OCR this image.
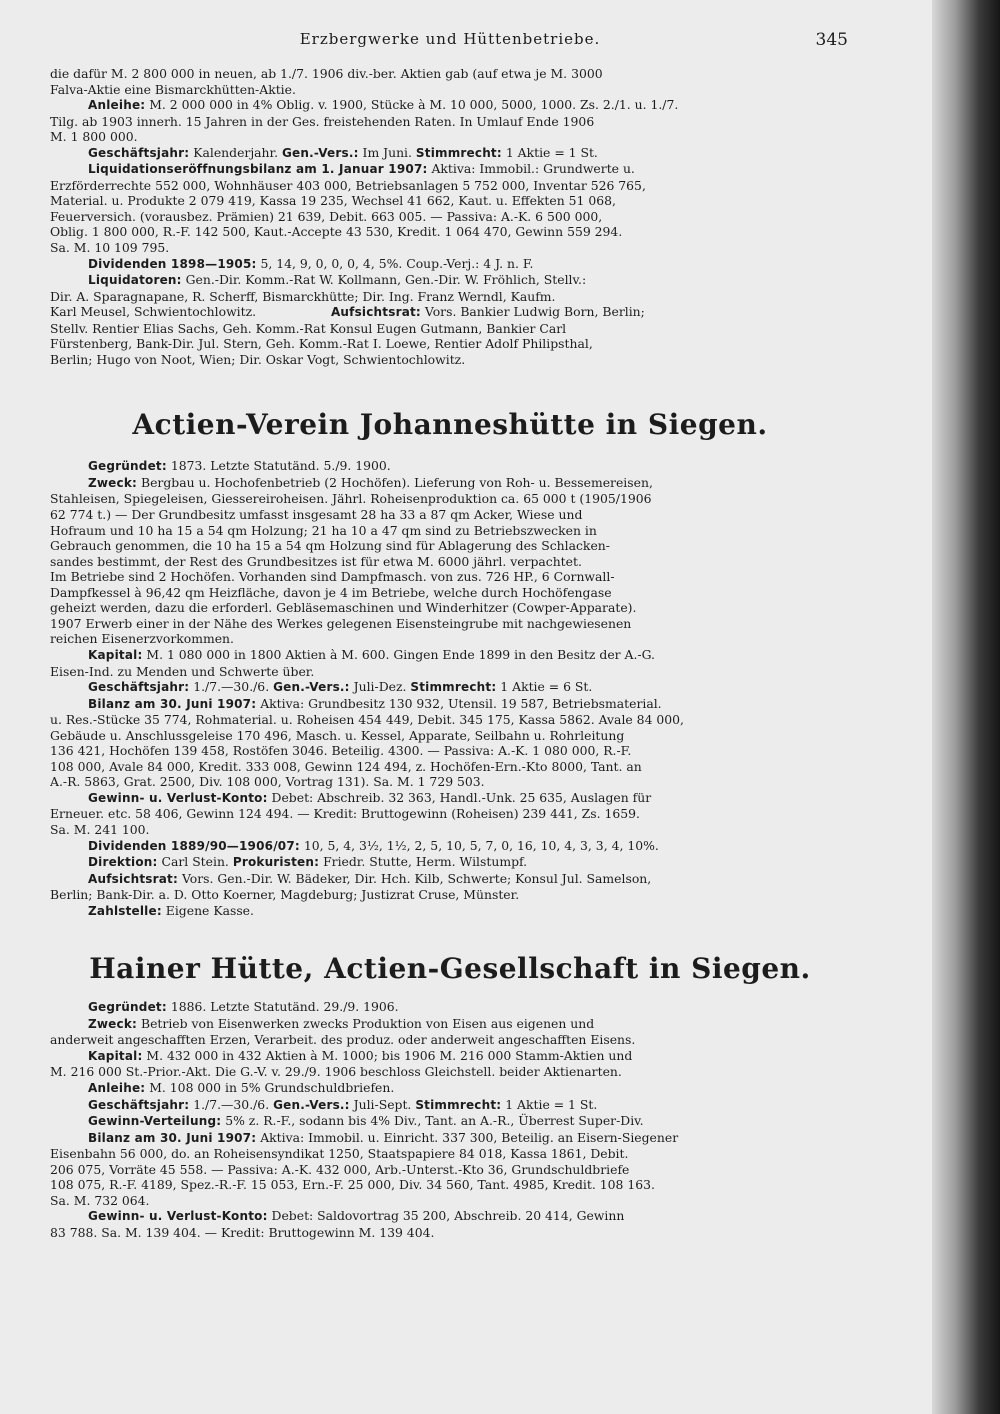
Erzbergwerke und Hüttenbetriebe.	345

die dafür M. 2 800 000 in neuen, ab 1./7. 1906 div.-ber. Aktien gab (auf etwa je M. 3000

Falva-Aktie eine Bismarckhütten-Aktie.

Anleihe: M. 2 000 000 in 4% Oblig. v. 1900, Stücke à M. 10 000, 5000, 1000. Zs. 2./1. u. 1./7.

Tilg. ab 1903 innerh. 15 Jahren in der Ges. freistehenden Raten. In Umlauf Ende 1906

M. 1 800 000.

Geschäftsjahr: Kalenderjahr. Gen.-Vers.: Im Juni. Stimmrecht: 1 Aktie = 1 St.

Liquidationseröffnungsbilanz am 1. Januar 1907: Aktiva: Immobil.: Grundwerte u.

Erzförderrechte 552 000, Wohnhäuser 403 000, Betriebsanlagen 5 752 000, Inventar 526 765,

Material. u. Produkte 2 079 419, Kassa 19 235, Wechsel 41 662, Kaut. u. Effekten 51 068,

Feuerversich. (vorausbez. Prämien) 21 639, Debit. 663 005. — Passiva: A.-K. 6 500 000,

Oblig. 1 800 000, R.-F. 142 500, Kaut.-Accepte 43 530, Kredit. 1 064 470, Gewinn 559 294.

Sa. M. 10 109 795.

Dividenden 1898—1905: 5, 14, 9, 0, 0, 0, 4, 5%. Coup.-Verj.: 4 J. n. F.

Liquidatoren: Gen.-Dir. Komm.-Rat W. Kollmann, Gen.-Dir. W. Fröhlich, Stellv.:

Dir. A. Sparagnapane, R. Scherff, Bismarckhütte; Dir. Ing. Franz Werndl, Kaufm.

Karl Meusel, Schwientochlowitz.	Aufsichtsrat: Vors. Bankier Ludwig Born, Berlin;

Stellv. Rentier Elias Sachs, Geh. Komm.-Rat Konsul Eugen Gutmann, Bankier Carl

Fürstenberg, Bank-Dir. Jul. Stern, Geh. Komm.-Rat I. Loewe, Rentier Adolf Philipsthal,

Berlin; Hugo von Noot, Wien; Dir. Oskar Vogt, Schwientochlowitz.

Actien-Verein Johanneshütte in Siegen.

Gegründet: 1873. Letzte Statutänd. 5./9. 1900.

Zweck: Bergbau u. Hochofenbetrieb (2 Hochöfen). Lieferung von Roh- u. Bessemereisen,

Stahleisen, Spiegeleisen, Giessereiroheisen. Jährl. Roheisenproduktion ca. 65 000 t (1905/1906

62 774 t.) — Der Grundbesitz umfasst insgesamt 28 ha 33 a 87 qm Acker, Wiese und

Hofraum und 10 ha 15 a 54 qm Holzung; 21 ha 10 a 47 qm sind zu Betriebszwecken in

Gebrauch genommen, die 10 ha 15 a 54 qm Holzung sind für Ablagerung des Schlacken-

sandes bestimmt, der Rest des Grundbesitzes ist für etwa M. 6000 jährl. verpachtet.

Im Betriebe sind 2 Hochöfen. Vorhanden sind Dampfmasch. von zus. 726 HP., 6 Cornwall-

Dampfkessel à 96,42 qm Heizfläche, davon je 4 im Betriebe, welche durch Hochöfengase

geheizt werden, dazu die erforderl. Gebläsemaschinen und Winderhitzer (Cowper-Apparate).

1907 Erwerb einer in der Nähe des Werkes gelegenen Eisensteingrube mit nachgewiesenen

reichen Eisenerzvorkommen.

Kapital: M. 1 080 000 in 1800 Aktien à M. 600. Gingen Ende 1899 in den Besitz der A.-G.

Eisen-Ind. zu Menden und Schwerte über.

Geschäftsjahr: 1./7.—30./6. Gen.-Vers.: Juli-Dez. Stimmrecht: 1 Aktie = 6 St.

Bilanz am 30. Juni 1907: Aktiva: Grundbesitz 130 932, Utensil. 19 587, Betriebsmaterial.

u. Res.-Stücke 35 774, Rohmaterial. u. Roheisen 454 449, Debit. 345 175, Kassa 5862. Avale 84 000,

Gebäude u. Anschlussgeleise 170 496, Masch. u. Kessel, Apparate, Seilbahn u. Rohrleitung

136 421, Hochöfen 139 458, Rostöfen 3046. Beteilig. 4300. — Passiva: A.-K. 1 080 000, R.-F.

108 000, Avale 84 000, Kredit. 333 008, Gewinn 124 494, z. Hochöfen-Ern.-Kto 8000, Tant. an

A.-R. 5863, Grat. 2500, Div. 108 000, Vortrag 131). Sa. M. 1 729 503.

Gewinn- u. Verlust-Konto: Debet: Abschreib. 32 363, Handl.-Unk. 25 635, Auslagen für

Erneuer. etc. 58 406, Gewinn 124 494. — Kredit: Bruttogewinn (Roheisen) 239 441, Zs. 1659.

Sa. M. 241 100.

Dividenden 1889/90—1906/07: 10, 5, 4, 3½, 1½, 2, 5, 10, 5, 7, 0, 16, 10, 4, 3, 3, 4, 10%.

Direktion: Carl Stein. Prokuristen: Friedr. Stutte, Herm. Wilstumpf.

Aufsichtsrat: Vors. Gen.-Dir. W. Bädeker, Dir. Hch. Kilb, Schwerte; Konsul Jul. Samelson,

Berlin; Bank-Dir. a. D. Otto Koerner, Magdeburg; Justizrat Cruse, Münster.

Zahlstelle: Eigene Kasse.

Hainer Hütte, Actien-Gesellschaft in Siegen.

Gegründet: 1886. Letzte Statutänd. 29./9. 1906.

Zweck: Betrieb von Eisenwerken zwecks Produktion von Eisen aus eigenen und

anderweit angeschafften Erzen, Verarbeit. des produz. oder anderweit angeschafften Eisens.

Kapital: M. 432 000 in 432 Aktien à M. 1000; bis 1906 M. 216 000 Stamm-Aktien und

M. 216 000 St.-Prior.-Akt. Die G.-V. v. 29./9. 1906 beschloss Gleichstell. beider Aktienarten.

Anleihe: M. 108 000 in 5% Grundschuldbriefen.

Geschäftsjahr: 1./7.—30./6. Gen.-Vers.: Juli-Sept. Stimmrecht: 1 Aktie = 1 St.

Gewinn-Verteilung: 5% z. R.-F., sodann bis 4% Div., Tant. an A.-R., Überrest Super-Div.

Bilanz am 30. Juni 1907: Aktiva: Immobil. u. Einricht. 337 300, Beteilig. an Eisern-Siegener

Eisenbahn 56 000, do. an Roheisensyndikat 1250, Staatspapiere 84 018, Kassa 1861, Debit.

206 075, Vorräte 45 558. — Passiva: A.-K. 432 000, Arb.-Unterst.-Kto 36, Grundschuldbriefe

108 075, R.-F. 4189, Spez.-R.-F. 15 053, Ern.-F. 25 000, Div. 34 560, Tant. 4985, Kredit. 108 163.

Sa. M. 732 064.

Gewinn- u. Verlust-Konto: Debet: Saldovortrag 35 200, Abschreib. 20 414, Gewinn

83 788. Sa. M. 139 404. — Kredit: Bruttogewinn M. 139 404.
